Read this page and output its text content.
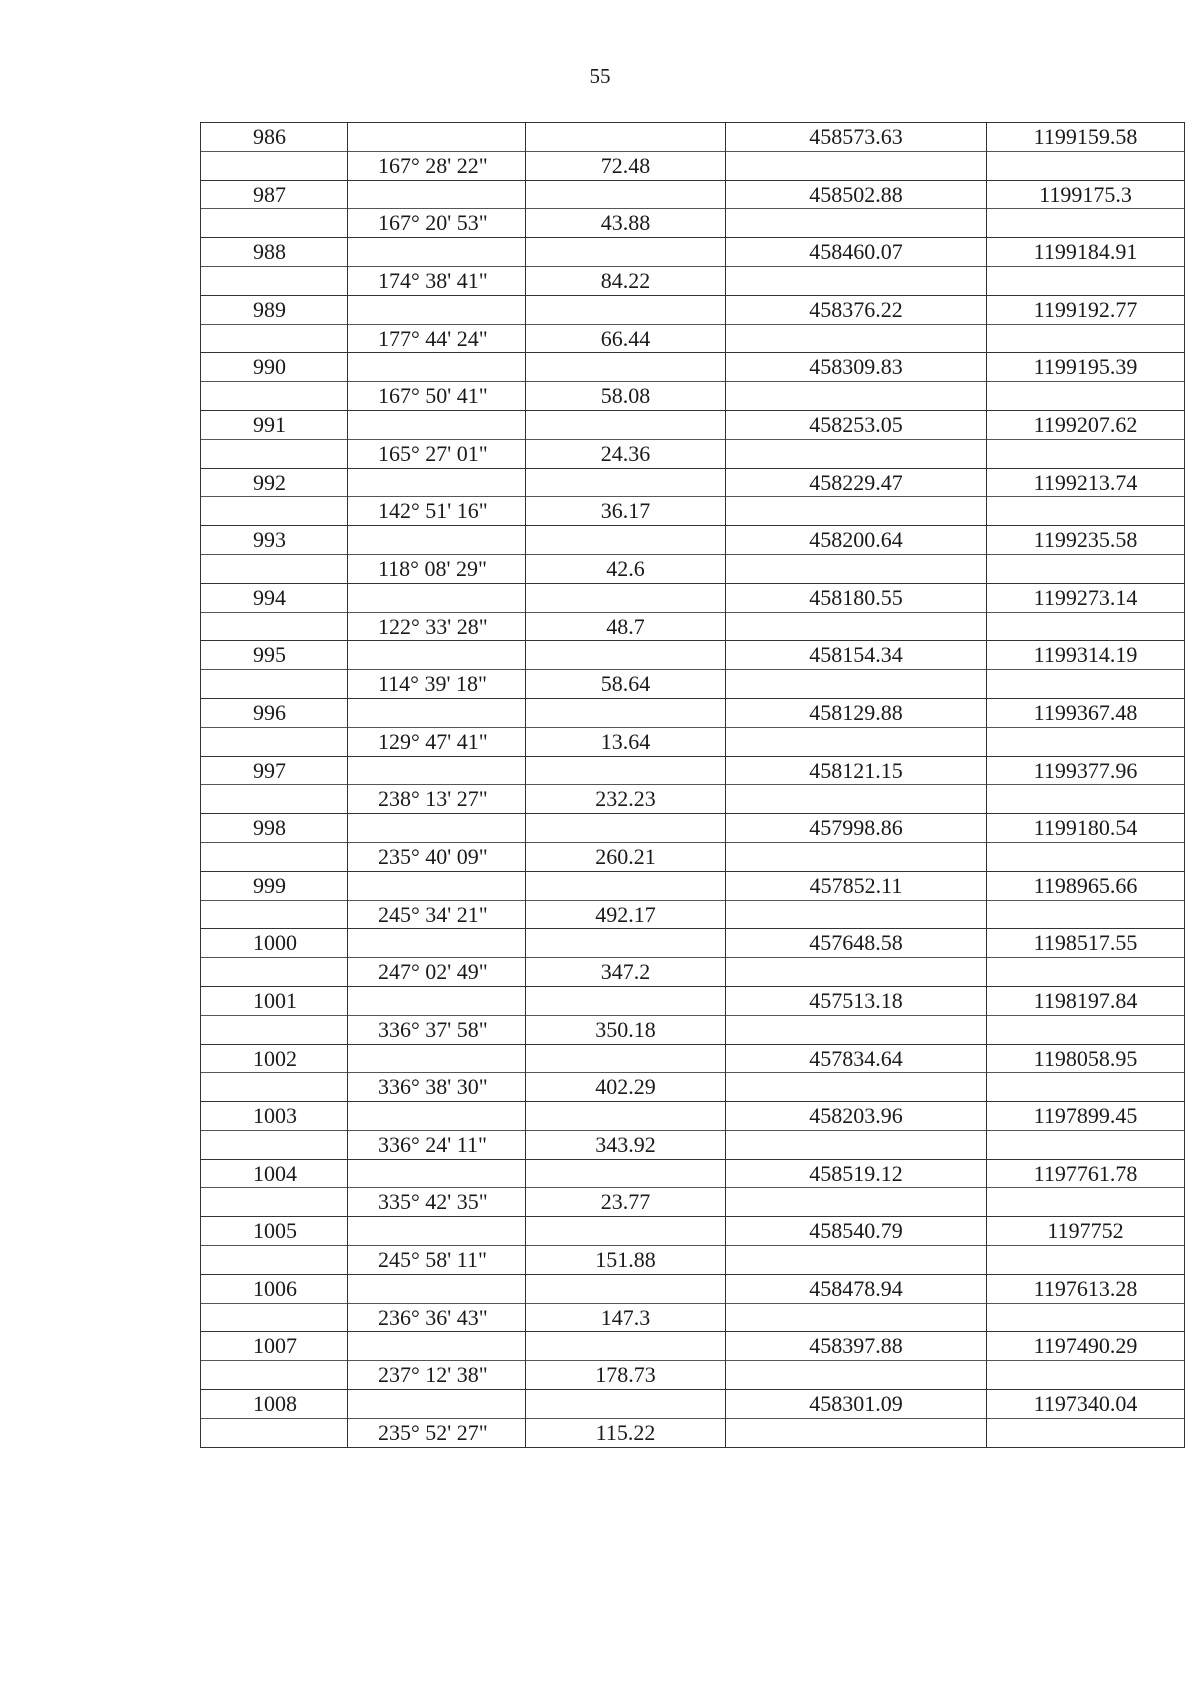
55
986			458573.63	1199159.58
	167° 28' 22"	72.48		
987			458502.88	1199175.3
	167° 20' 53"	43.88		
988			458460.07	1199184.91
	174° 38' 41"	84.22		
989			458376.22	1199192.77
	177° 44' 24"	66.44		
990			458309.83	1199195.39
	167° 50' 41"	58.08		
991			458253.05	1199207.62
	165° 27' 01"	24.36		
992			458229.47	1199213.74
	142° 51' 16"	36.17		
993			458200.64	1199235.58
	118° 08' 29"	42.6		
994			458180.55	1199273.14
	122° 33' 28"	48.7		
995			458154.34	1199314.19
	114° 39' 18"	58.64		
996			458129.88	1199367.48
	129° 47' 41"	13.64		
997			458121.15	1199377.96
	238° 13' 27"	232.23		
998			457998.86	1199180.54
	235° 40' 09"	260.21		
999			457852.11	1198965.66
	245° 34' 21"	492.17		
1000			457648.58	1198517.55
	247° 02' 49"	347.2		
1001			457513.18	1198197.84
	336° 37' 58"	350.18		
1002			457834.64	1198058.95
	336° 38' 30"	402.29		
1003			458203.96	1197899.45
	336° 24' 11"	343.92		
1004			458519.12	1197761.78
	335° 42' 35"	23.77		
1005			458540.79	1197752
	245° 58' 11"	151.88		
1006			458478.94	1197613.28
	236° 36' 43"	147.3		
1007			458397.88	1197490.29
	237° 12' 38"	178.73		
1008			458301.09	1197340.04
	235° 52' 27"	115.22		
